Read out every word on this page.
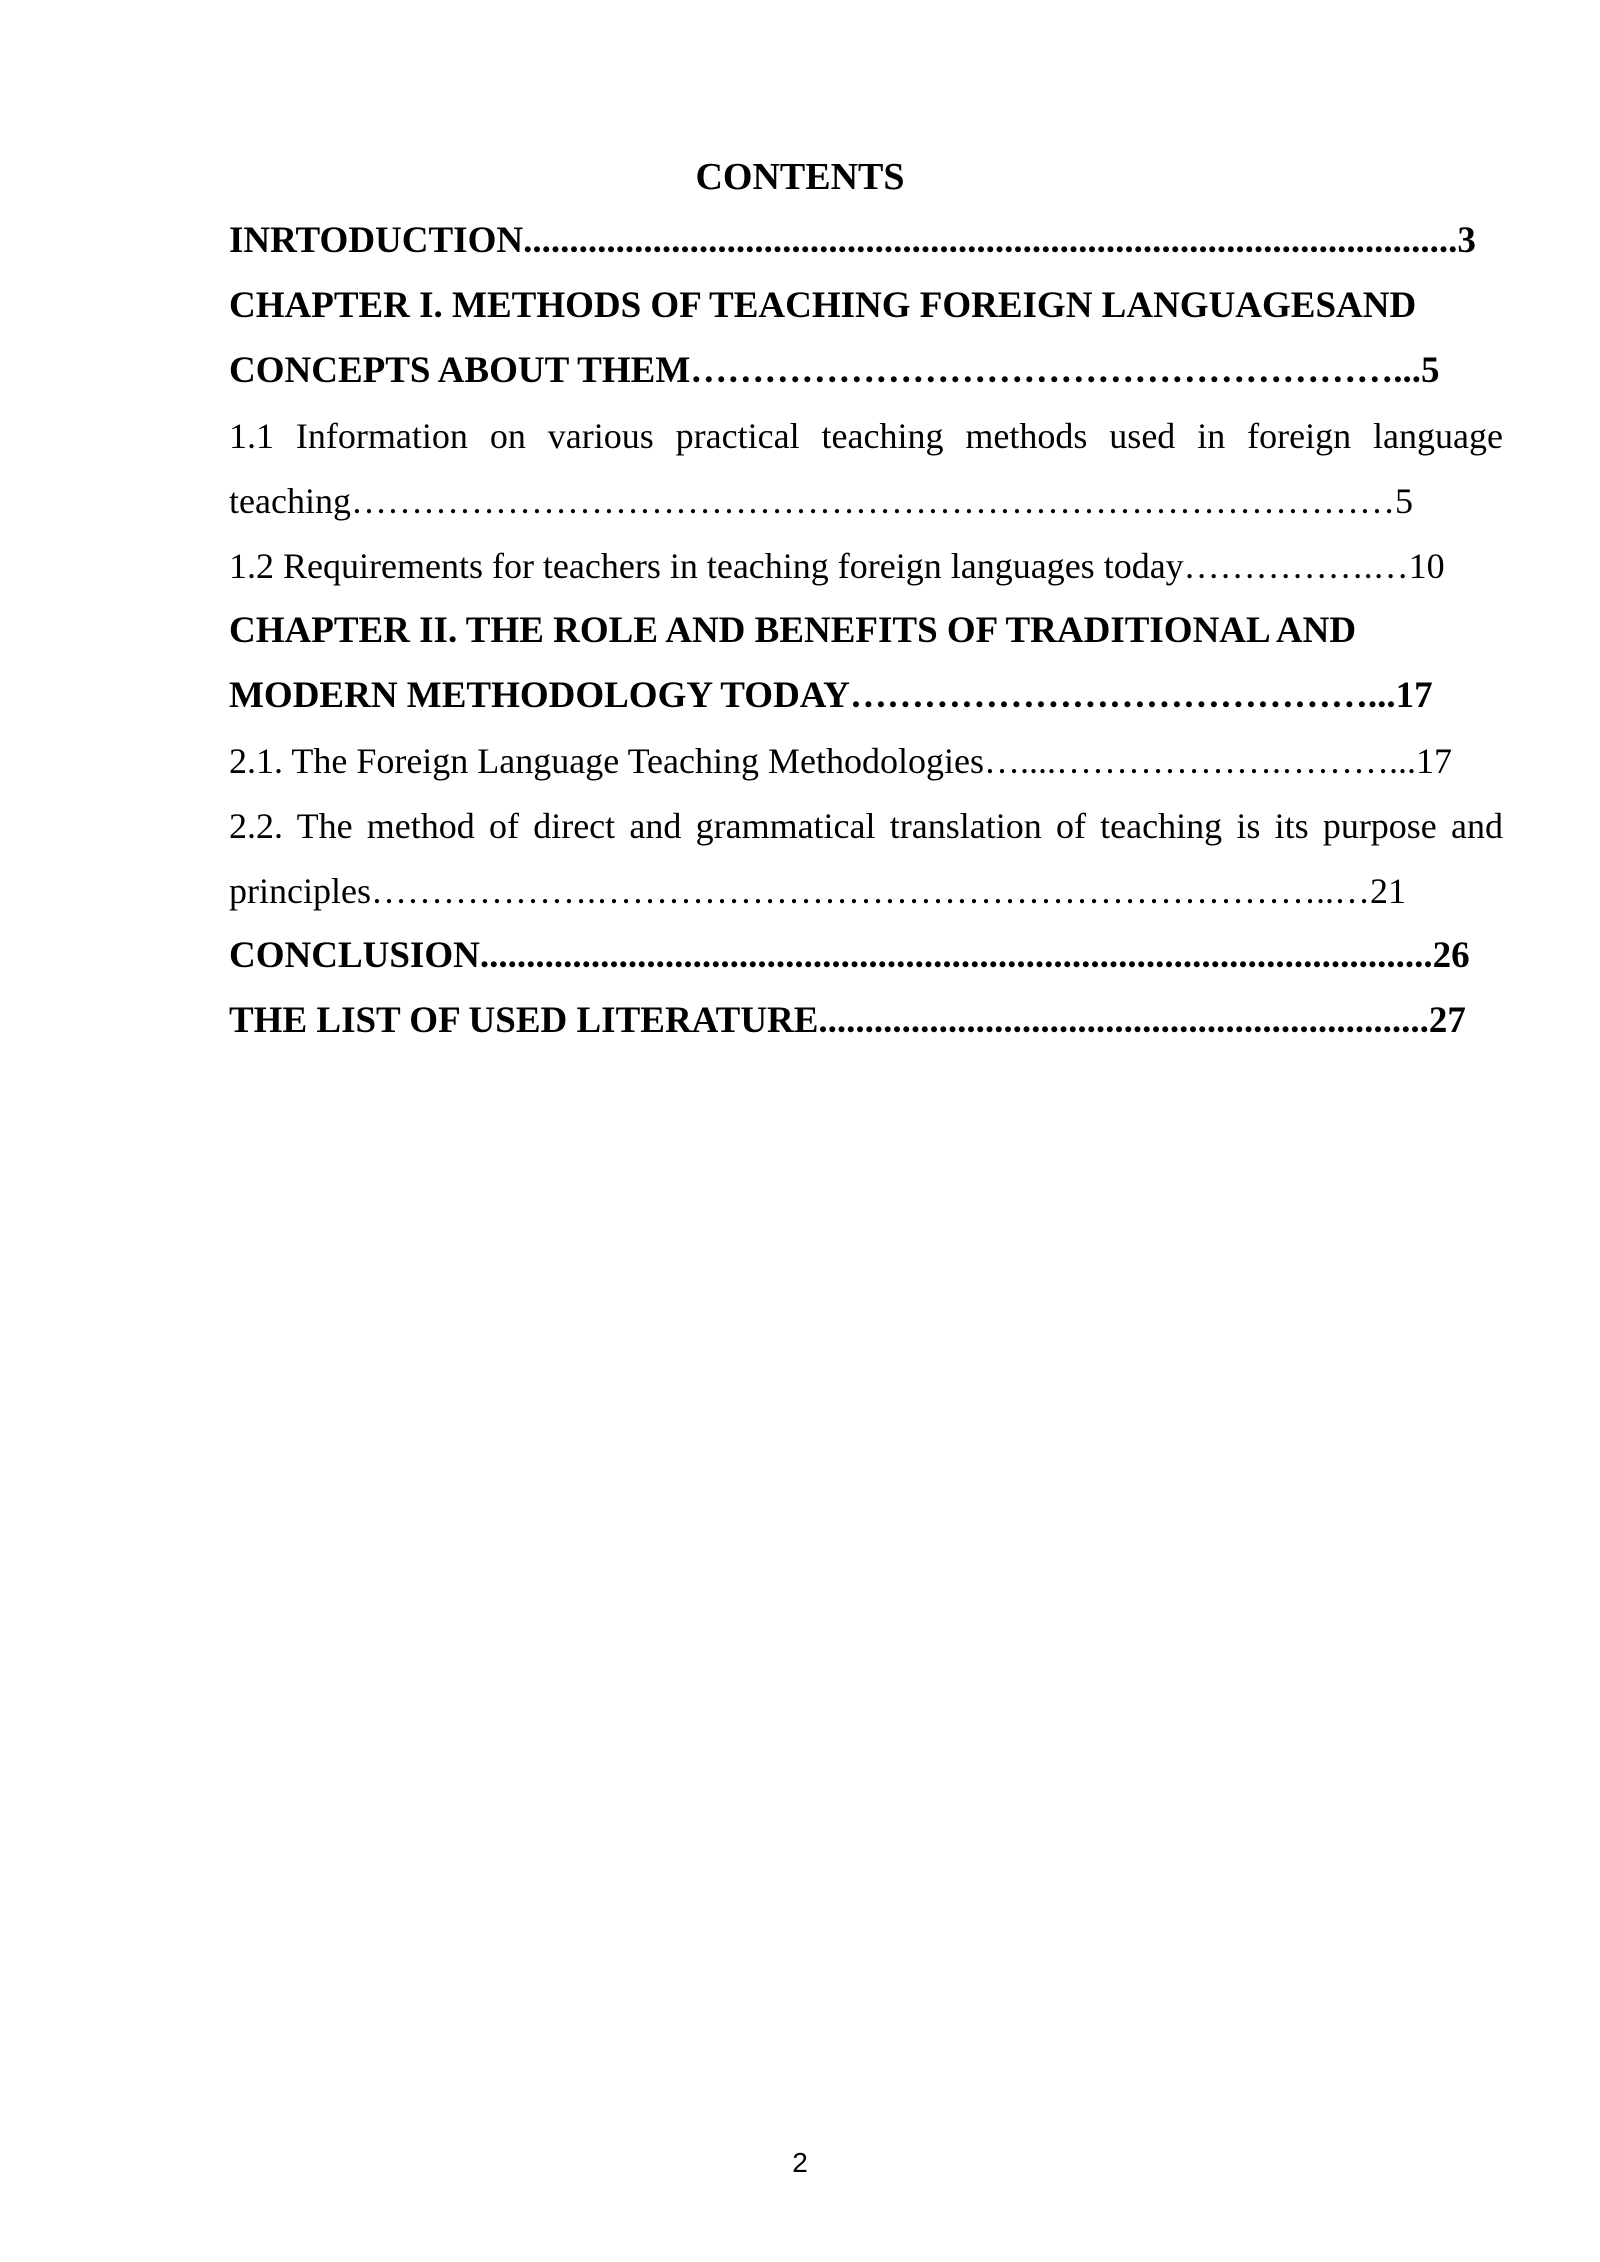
CONTENTS
INRTODUCTION.....................................................................................................3
CHAPTER I. METHODS OF TEACHING FOREIGN LANGUAGESAND
CONCEPTS ABOUT THEM…………………………………………………...5
1.1 Information on various practical teaching methods used in foreign language
teaching……………………………………………………………………………5
1.2 Requirements for teachers in teaching foreign languages today…………….…10
CHAPTER II. THE ROLE AND BENEFITS OF TRADITIONAL AND
MODERN METHODOLOGY TODAY……………………………………...17
2.1. The Foreign Language Teaching Methodologies…....……………….………...17
2.2. The method of direct and grammatical translation of teaching is its purpose and
principles……………….……………………………………………………..…21
CONCLUSION.......................................................................................................26
THE LIST OF USED LITERATURE..................................................................27
2
